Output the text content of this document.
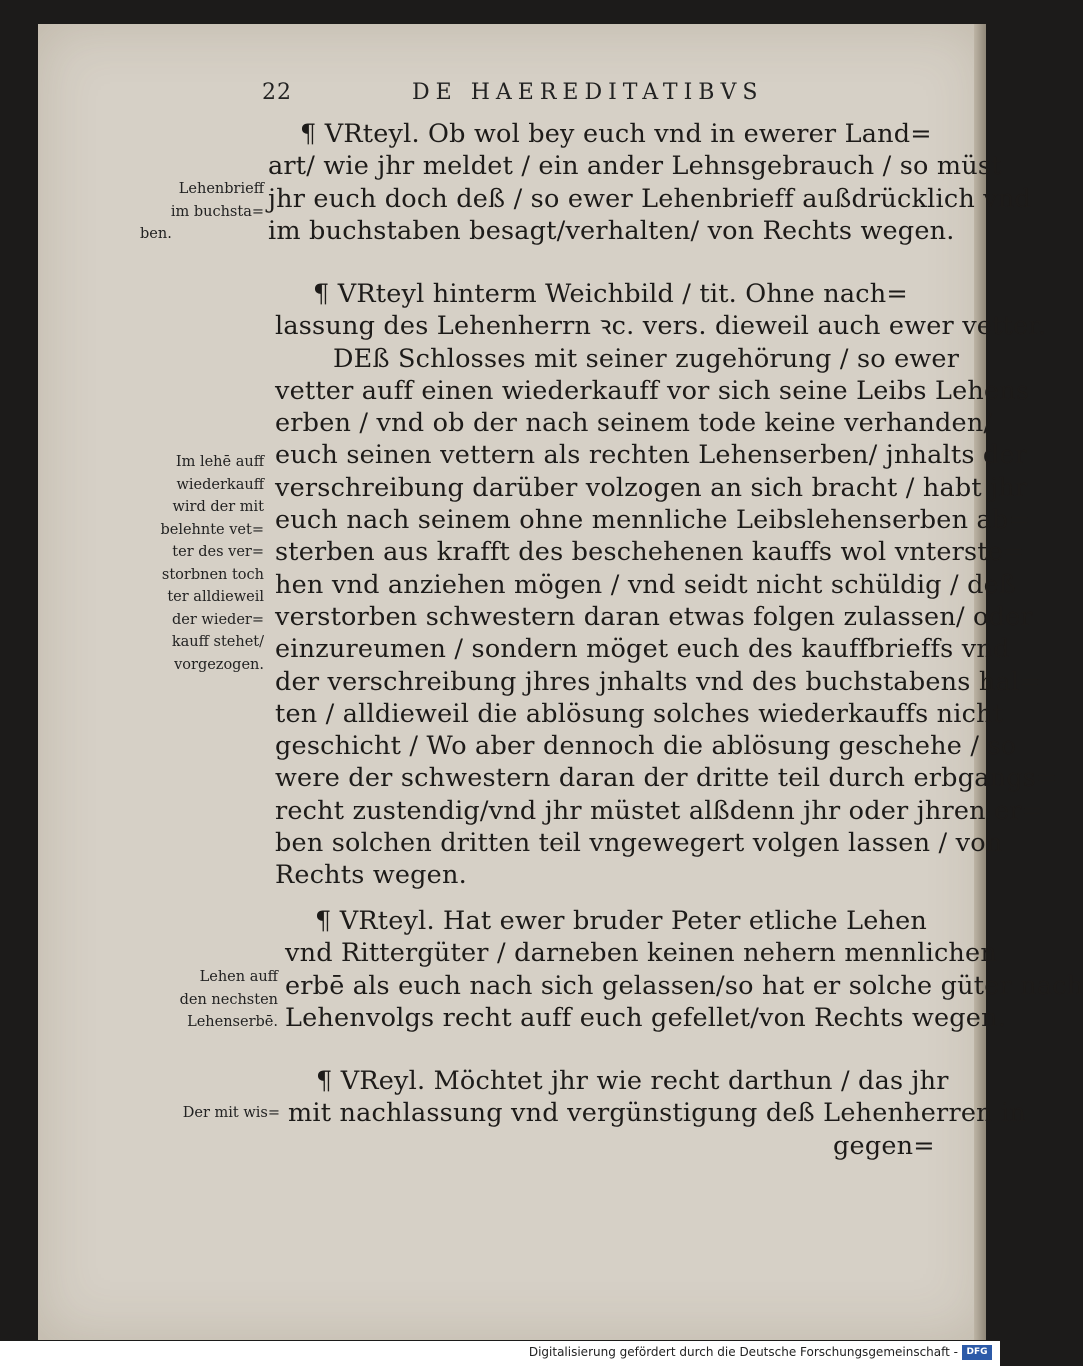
22	DE HAEREDITATIBVS
¶ VRteyl. Ob wol bey euch vnd in ewerer Land=
art/ wie jhr meldet / ein ander Lehnsgebrauch / so müst
jhr euch doch deß / so ewer Lehenbrieff außdrücklich vnd
im buchstaben besagt/verhalten/ von Rechts wegen.
¶ VRteyl hinterm Weichbild / tit. Ohne nach=
lassung des Lehenherrn ꝛc. vers. dieweil auch ewer vetter.
DEß Schlosses mit seiner zugehörung / so ewer
vetter auff einen wiederkauff vor sich seine Leibs Lehens
erben / vnd ob der nach seinem tode keine verhanden/
euch seinen vettern als rechten Lehenserben/ jnhalts der
verschreibung darüber volzogen an sich bracht / habt jhr
euch nach seinem ohne mennliche Leibslehenserben ab=
sterben aus krafft des beschehenen kauffs wol vnterste=
hen vnd anziehen mögen / vnd seidt nicht schüldig / deß
verstorben schwestern daran etwas folgen zulassen/ oder
einzureumen / sondern möget euch des kauffbrieffs vnd
der verschreibung jhres jnhalts vnd des buchstabens hal=
ten / alldieweil die ablösung solches wiederkauffs nicht
geschicht / Wo aber dennoch die ablösung geschehe / so
were der schwestern daran der dritte teil durch erbgangs=
recht zustendig/vnd jhr müstet alßdenn jhr oder jhren er=
ben solchen dritten teil vngewegert volgen lassen / von
Rechts wegen.
¶ VRteyl. Hat ewer bruder Peter etliche Lehen
vnd Rittergüter / darneben keinen nehern mennlichen
erbē als euch nach sich gelassen/so hat er solche güter nach
Lehenvolgs recht auff euch gefellet/von Rechts wegen.
¶ VReyl. Möchtet jhr wie recht darthun / das jhr
mit nachlassung vnd vergünstigung deß Lehenherren in
gegen=
Lehenbrieff
im buchsta=
ben.
Im lehē auff
wiederkauff
wird der mit
belehnte vet=
ter des ver=
storbnen toch
ter alldieweil
der wieder=
kauff stehet/
vorgezogen.
Lehen auff
den nechsten
Lehenserbē.
Der mit wis=
Digitalisierung gefördert durch die Deutsche Forschungsgemeinschaft - DFG
